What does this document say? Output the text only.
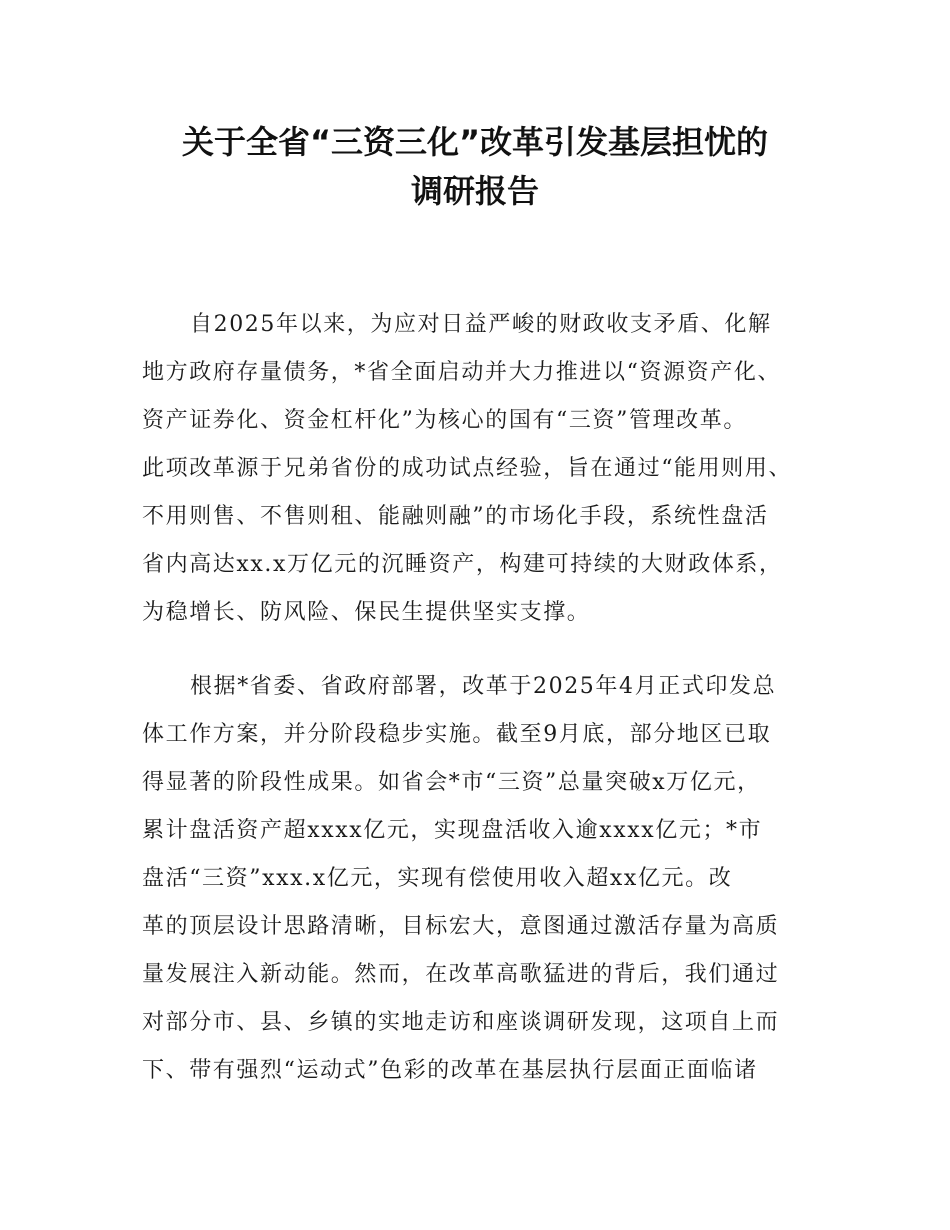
关于全省“三资三化”改革引发基层担忧的
调研报告
自2025年以来，为应对日益严峻的财政收支矛盾、化解
地方政府存量债务，*省全面启动并大力推进以“资源资产化、
资产证券化、资金杠杆化”为核心的国有“三资”管理改革。
此项改革源于兄弟省份的成功试点经验，旨在通过“能用则用、
不用则售、不售则租、能融则融”的市场化手段，系统性盘活
省内高达xx.x万亿元的沉睡资产，构建可持续的大财政体系，
为稳增长、防风险、保民生提供坚实支撑。
根据*省委、省政府部署，改革于2025年4月正式印发总
体工作方案，并分阶段稳步实施。截至9月底，部分地区已取
得显著的阶段性成果。如省会*市“三资”总量突破x万亿元，
累计盘活资产超xxxx亿元，实现盘活收入逾xxxx亿元；*市
盘活“三资”xxx.x亿元，实现有偿使用收入超xx亿元。改
革的顶层设计思路清晰，目标宏大，意图通过激活存量为高质
量发展注入新动能。然而，在改革高歌猛进的背后，我们通过
对部分市、县、乡镇的实地走访和座谈调研发现，这项自上而
下、带有强烈“运动式”色彩的改革在基层执行层面正面临诸
